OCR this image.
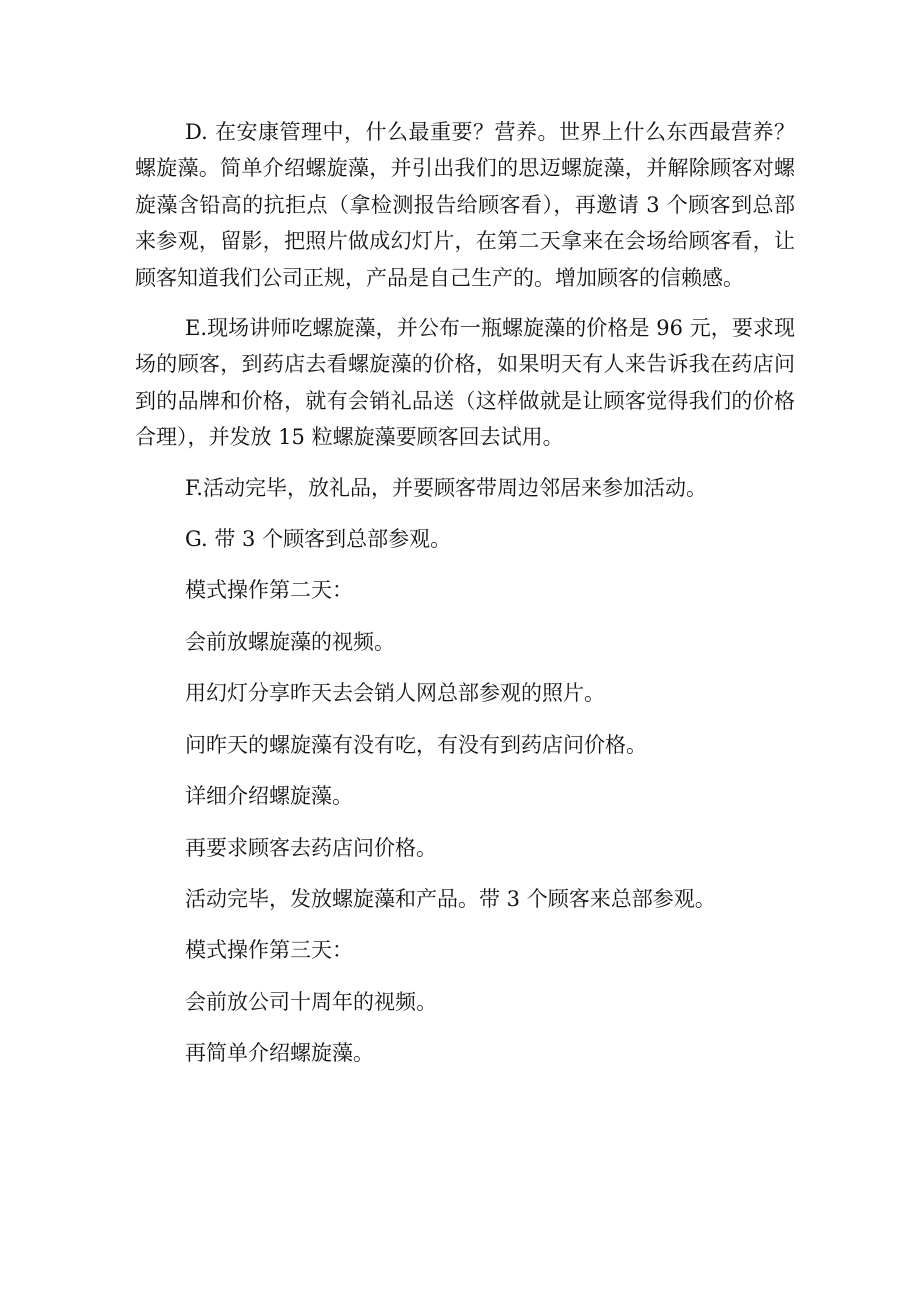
D. 在安康管理中，什么最重要？营养。世界上什么东西最营养？螺旋藻。简单介绍螺旋藻，并引出我们的思迈螺旋藻，并解除顾客对螺旋藻含铅高的抗拒点（拿检测报告给顾客看），再邀请 3 个顾客到总部来参观，留影，把照片做成幻灯片，在第二天拿来在会场给顾客看，让顾客知道我们公司正规，产品是自己生产的。增加顾客的信赖感。

E.现场讲师吃螺旋藻，并公布一瓶螺旋藻的价格是 96 元，要求现场的顾客，到药店去看螺旋藻的价格，如果明天有人来告诉我在药店问到的品牌和价格，就有会销礼品送（这样做就是让顾客觉得我们的价格合理），并发放 15 粒螺旋藻要顾客回去试用。

F.活动完毕，放礼品，并要顾客带周边邻居来参加活动。

G. 带 3 个顾客到总部参观。

模式操作第二天：

会前放螺旋藻的视频。

用幻灯分享昨天去会销人网总部参观的照片。

问昨天的螺旋藻有没有吃，有没有到药店问价格。

详细介绍螺旋藻。

再要求顾客去药店问价格。

活动完毕，发放螺旋藻和产品。带 3 个顾客来总部参观。

模式操作第三天：

会前放公司十周年的视频。

再简单介绍螺旋藻。
